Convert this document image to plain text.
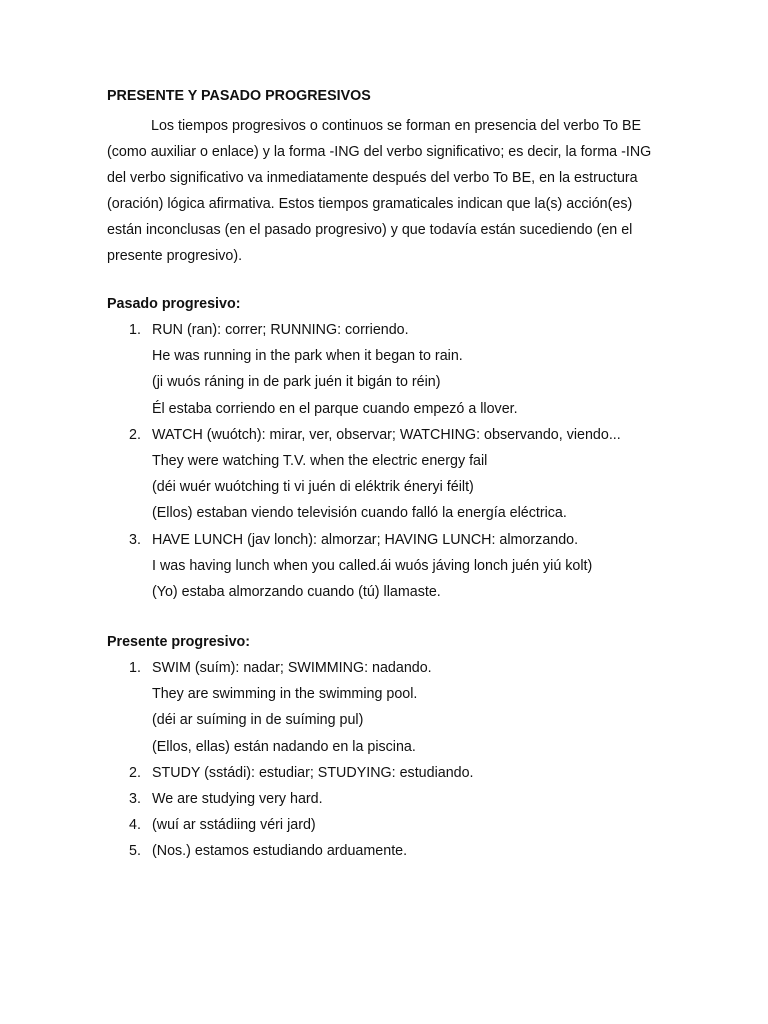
PRESENTE Y PASADO PROGRESIVOS

Los tiempos progresivos o continuos se forman en presencia del verbo To BE (como auxiliar o enlace) y la forma -ING del verbo significativo; es decir, la forma -ING del verbo significativo va inmediatamente después del verbo To BE, en la estructura (oración) lógica afirmativa. Estos tiempos gramaticales indican que la(s) acción(es) están inconclusas (en el pasado progresivo) y que todavía están sucediendo (en el presente progresivo).

Pasado progresivo:
1. RUN (ran): correr; RUNNING: corriendo.
He was running in the park when it began to rain.
(ji wuós ráning in de park juén it bigán to réin)
Él estaba corriendo en el parque cuando empezó a llover.
2. WATCH (wuótch): mirar, ver, observar; WATCHING: observando, viendo...
They were watching T.V. when the electric energy fail
(déi wuér wuótching ti vi juén di eléktrik éneryi féilt)
(Ellos) estaban viendo televisión cuando falló la energía eléctrica.
3. HAVE LUNCH (jav lonch): almorzar; HAVING LUNCH: almorzando.
I was having lunch when you called.ái wuós jáving lonch juén yiú kolt)
(Yo) estaba almorzando cuando (tú) llamaste.
Presente progresivo:
1. SWIM (suím): nadar; SWIMMING: nadando.
They are swimming in the swimming pool.
(déi ar suíming in de suíming pul)
(Ellos, ellas) están nadando en la piscina.
2. STUDY (sstádi): estudiar; STUDYING: estudiando.
3. We are studying very hard.
4. (wuí ar sstádiing véri jard)
5. (Nos.) estamos estudiando arduamente.
